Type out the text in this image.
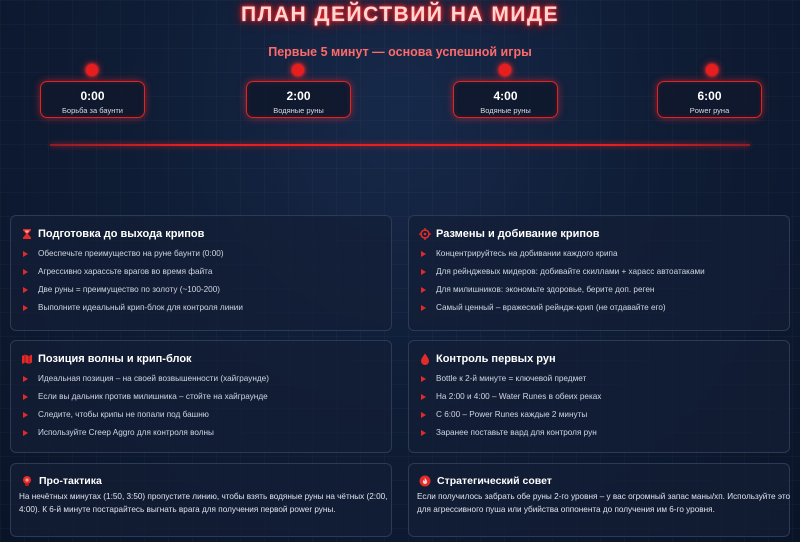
ПЛАН ДЕЙСТВИЙ НА МИДЕ
Первые 5 минут — основа успешной игры
0:00
Борьба за баунти
2:00
Водяные руны
4:00
Водяные руны
6:00
Power руна
Подготовка до выхода крипов
Обеспечьте преимущество на руне баунти (0:00)
Агрессивно харассьте врагов во время файта
Две руны = преимущество по золоту (~100-200)
Выполните идеальный крип-блок для контроля линии
Размены и добивание крипов
Концентрируйтесь на добивании каждого крипа
Для рейнджевых мидеров: добивайте скиллами + харасс автоатаками
Для милишников: экономьте здоровье, берите доп. реген
Самый ценный – вражеский рейндж-крип (не отдавайте его)
Позиция волны и крип-блок
Идеальная позиция – на своей возвышенности (хайграунде)
Если вы дальник против милишника – стойте на хайграунде
Следите, чтобы крипы не попали под башню
Используйте Creep Aggro для контроля волны
Контроль первых рун
Bottle к 2-й минуте = ключевой предмет
На 2:00 и 4:00 – Water Runes в обеих реках
С 6:00 – Power Runes каждые 2 минуты
Заранее поставьте вард для контроля рун
Про-тактика
На нечётных минутах (1:50, 3:50) пропустите линию, чтобы взять водяные руны на чётных (2:00, 4:00). К 6-й минуте постарайтесь выгнать врага для получения первой power руны.
Стратегический совет
Если получилось забрать обе руны 2-го уровня – у вас огромный запас маны/хп. Используйте это для агрессивного пуша или убийства оппонента до получения им 6-го уровня.
